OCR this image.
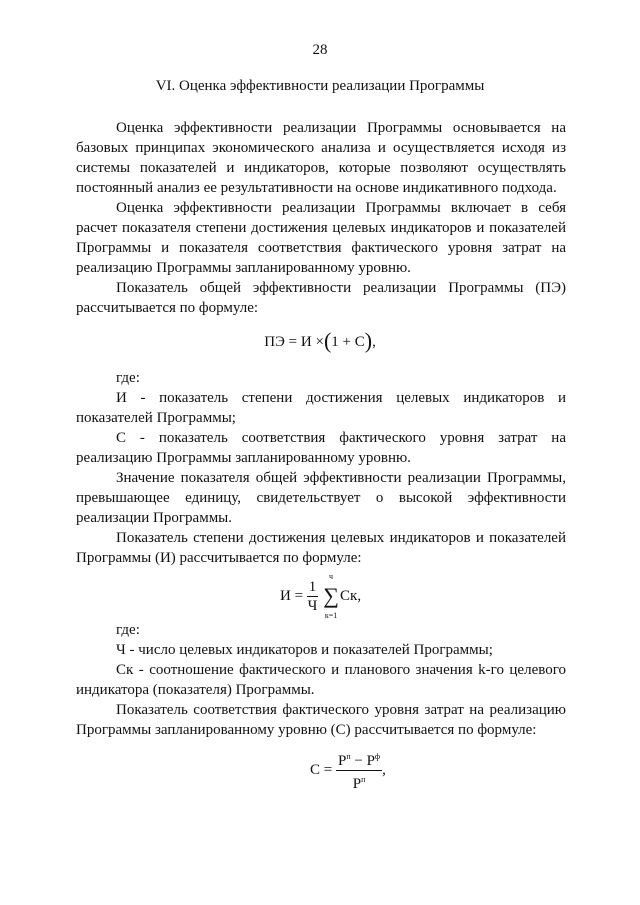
28
VI. Оценка эффективности реализации Программы

Оценка эффективности реализации Программы основывается на базовых принципах экономического анализа и осуществляется исходя из системы показателей и индикаторов, которые позволяют осуществлять постоянный анализ ее результативности на основе индикативного подхода.

Оценка эффективности реализации Программы включает в себя расчет показателя степени достижения целевых индикаторов и показателей Программы и показателя соответствия фактического уровня затрат на реализацию Программы запланированному уровню.

Показатель общей эффективности реализации Программы (ПЭ) рассчитывается по формуле:

ПЭ = И ×(1 + С),

где:

И - показатель степени достижения целевых индикаторов и показателей Программы;

С - показатель соответствия фактического уровня затрат на реализацию Программы запланированному уровню.

Значение показателя общей эффективности реализации Программы, превышающее единицу, свидетельствует о высокой эффективности реализации Программы.

Показатель степени достижения целевых индикаторов и показателей Программы (И) рассчитывается по формуле:

$И = \frac{1}{Ч}$

ч
∑
к=1
Ск,

где:

Ч - число целевых индикаторов и показателей Программы;

Ск - соотношение фактического и планового значения k-го целевого индикатора (показателя) Программы.

Показатель соответствия фактического уровня затрат на реализацию Программы запланированному уровню (С) рассчитывается по формуле:

$С = \frac{Р^п - Р^ф}{Р^п}$ ,
